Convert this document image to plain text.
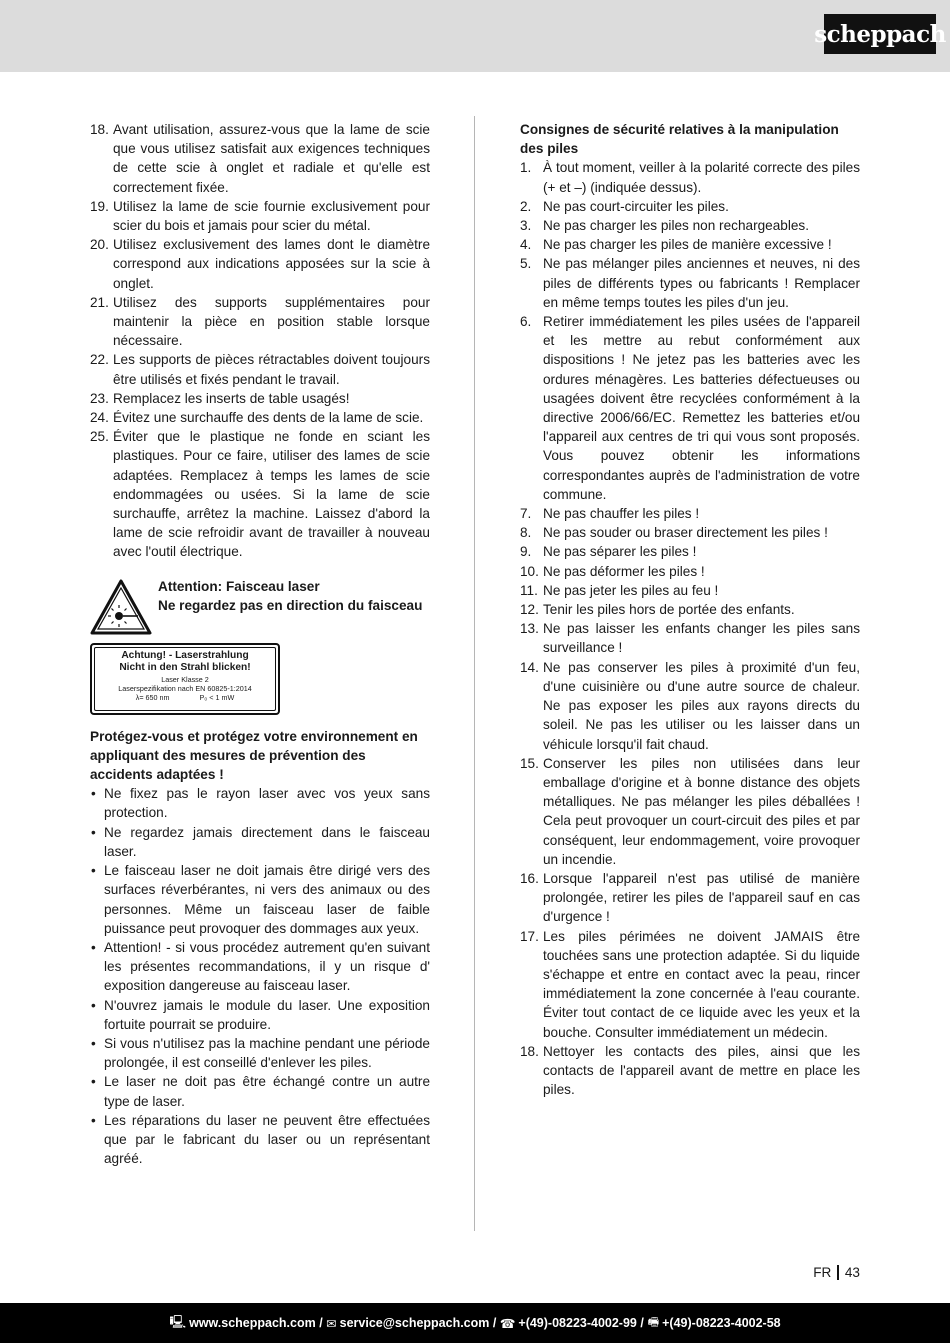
scheppach
18. Avant utilisation, assurez-vous que la lame de scie que vous utilisez satisfait aux exigences techniques de cette scie à onglet et radiale et qu'elle est correctement fixée.
19. Utilisez la lame de scie fournie exclusivement pour scier du bois et jamais pour scier du métal.
20. Utilisez exclusivement des lames dont le diamètre correspond aux indications apposées sur la scie à onglet.
21. Utilisez des supports supplémentaires pour maintenir la pièce en position stable lorsque nécessaire.
22. Les supports de pièces rétractables doivent toujours être utilisés et fixés pendant le travail.
23. Remplacez les inserts de table usagés!
24. Évitez une surchauffe des dents de la lame de scie.
25. Éviter que le plastique ne fonde en sciant les plastiques. Pour ce faire, utiliser des lames de scie adaptées. Remplacez à temps les lames de scie endommagées ou usées. Si la lame de scie surchauffe, arrêtez la machine. Laissez d'abord la lame de scie refroidir avant de travailler à nouveau avec l'outil électrique.
Attention: Faisceau laser
Ne regardez pas en direction du faisceau
Achtung! - Laserstrahlung
Nicht in den Strahl blicken!
Laser Klasse 2
Laserspezifikation nach EN 60825-1:2014
λ= 650 nm	P₀ < 1 mW
Protégez-vous et protégez votre environnement en appliquant des mesures de prévention des accidents adaptées !
• Ne fixez pas le rayon laser avec vos yeux sans protection.
• Ne regardez jamais directement dans le faisceau laser.
• Le faisceau laser ne doit jamais être dirigé vers des surfaces réverbérantes, ni vers des animaux ou des personnes. Même un faisceau laser de faible puissance peut provoquer des dommages aux yeux.
• Attention! - si vous procédez autrement qu'en suivant les présentes recommandations, il y un risque d' exposition dangereuse au faisceau laser.
• N'ouvrez jamais le module du laser. Une exposition fortuite pourrait se produire.
• Si vous n'utilisez pas la machine pendant une période prolongée, il est conseillé d'enlever les piles.
• Le laser ne doit pas être échangé contre un autre type de laser.
• Les réparations du laser ne peuvent être effectuées que par le fabricant du laser ou un représentant agréé.
Consignes de sécurité relatives à la manipulation des piles
1. À tout moment, veiller à la polarité correcte des piles (+ et –) (indiquée dessus).
2. Ne pas court-circuiter les piles.
3. Ne pas charger les piles non rechargeables.
4. Ne pas charger les piles de manière excessive !
5. Ne pas mélanger piles anciennes et neuves, ni des piles de différents types ou fabricants ! Remplacer en même temps toutes les piles d'un jeu.
6. Retirer immédiatement les piles usées de l'appareil et les mettre au rebut conformément aux dispositions ! Ne jetez pas les batteries avec les ordures ménagères. Les batteries défectueuses ou usagées doivent être recyclées conformément à la directive 2006/66/EC. Remettez les batteries et/ou l'appareil aux centres de tri qui vous sont proposés. Vous pouvez obtenir les informations correspondantes auprès de l'administration de votre commune.
7. Ne pas chauffer les piles !
8. Ne pas souder ou braser directement les piles !
9. Ne pas séparer les piles !
10. Ne pas déformer les piles !
11. Ne pas jeter les piles au feu !
12. Tenir les piles hors de portée des enfants.
13. Ne pas laisser les enfants changer les piles sans surveillance !
14. Ne pas conserver les piles à proximité d'un feu, d'une cuisinière ou d'une autre source de chaleur. Ne pas exposer les piles aux rayons directs du soleil. Ne pas les utiliser ou les laisser dans un véhicule lorsqu'il fait chaud.
15. Conserver les piles non utilisées dans leur emballage d'origine et à bonne distance des objets métalliques. Ne pas mélanger les piles déballées ! Cela peut provoquer un court-circuit des piles et par conséquent, leur endommagement, voire provoquer un incendie.
16. Lorsque l'appareil n'est pas utilisé de manière prolongée, retirer les piles de l'appareil sauf en cas d'urgence !
17. Les piles périmées ne doivent JAMAIS être touchées sans une protection adaptée. Si du liquide s'échappe et entre en contact avec la peau, rincer immédiatement la zone concernée à l'eau courante. Éviter tout contact de ce liquide avec les yeux et la bouche. Consulter immédiatement un médecin.
18. Nettoyer les contacts des piles, ainsi que les contacts de l'appareil avant de mettre en place les piles.
FR 43
🖳 www.scheppach.com / ✉ service@scheppach.com / ☎ +(49)-08223-4002-99 / 🖷 +(49)-08223-4002-58
